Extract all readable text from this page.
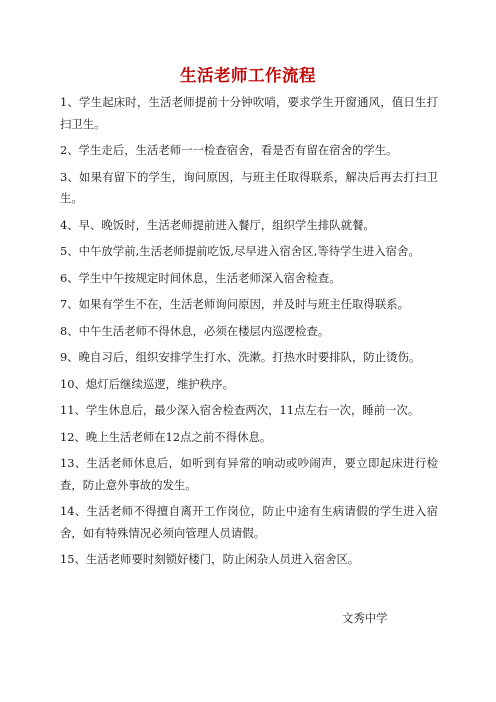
生活老师工作流程
1、学生起床时，生活老师提前十分钟吹哨，要求学生开窗通风，值日生打扫卫生。
2、学生走后，生活老师一一检查宿舍，看是否有留在宿舍的学生。
3、如果有留下的学生，询问原因，与班主任取得联系，解决后再去打扫卫生。
4、早、晚饭时，生活老师提前进入餐厅，组织学生排队就餐。
5、中午放学前,生活老师提前吃饭,尽早进入宿舍区,等待学生进入宿舍。
6、学生中午按规定时间休息，生活老师深入宿舍检查。
7、如果有学生不在，生活老师询问原因，并及时与班主任取得联系。
8、中午生活老师不得休息，必须在楼层内巡逻检查。
9、晚自习后，组织安排学生打水、洗漱。打热水时要排队，防止烫伤。
10、熄灯后继续巡逻，维护秩序。
11、学生休息后，最少深入宿舍检查两次，11点左右一次，睡前一次。
12、晚上生活老师在12点之前不得休息。
13、生活老师休息后，如听到有异常的响动或吵闹声，要立即起床进行检查，防止意外事故的发生。
14、生活老师不得擅自离开工作岗位，防止中途有生病请假的学生进入宿舍，如有特殊情况必须向管理人员请假。
15、生活老师要时刻锁好楼门，防止闲杂人员进入宿舍区。
文秀中学
